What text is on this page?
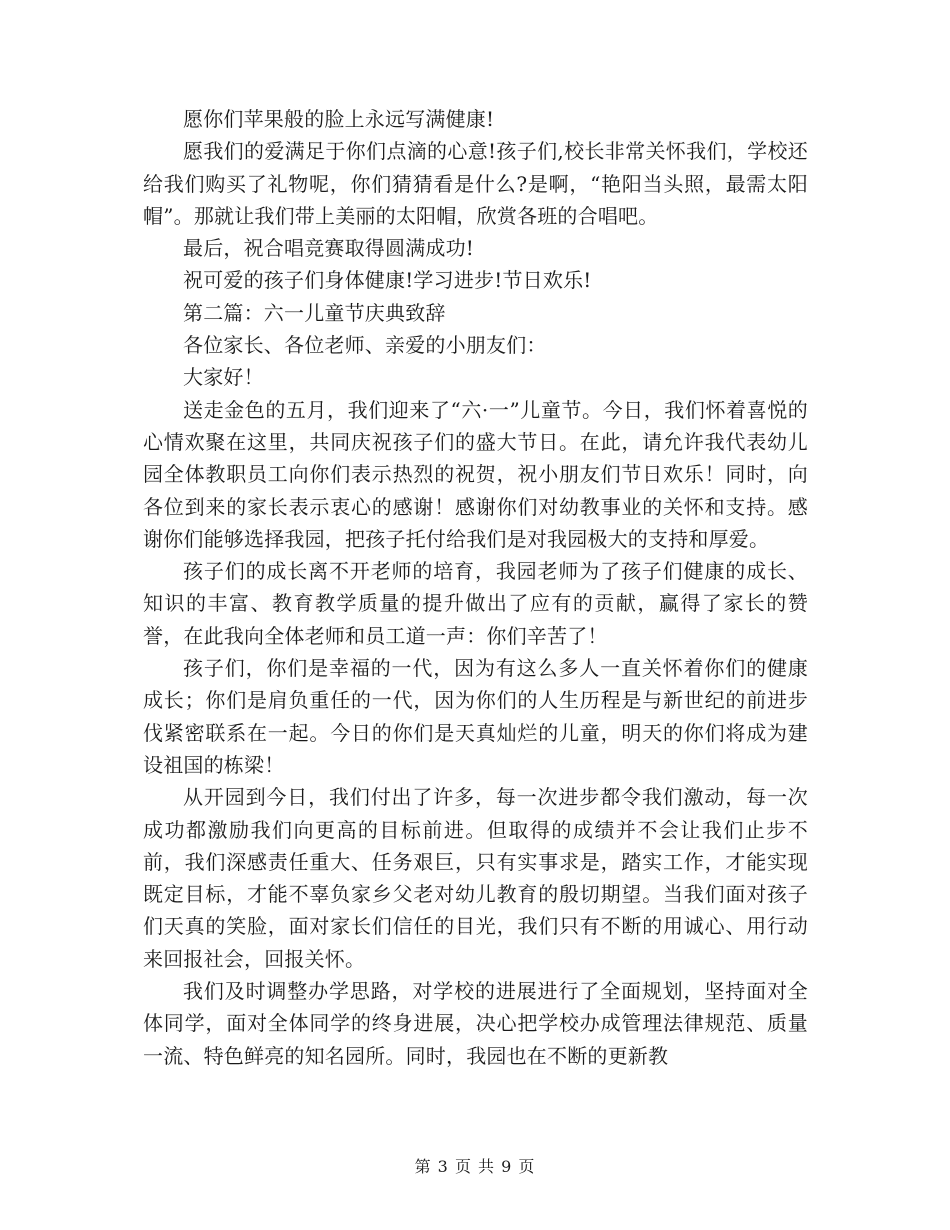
愿你们苹果般的脸上永远写满健康!

愿我们的爱满足于你们点滴的心意!孩子们,校长非常关怀我们，学校还给我们购买了礼物呢，你们猜猜看是什么?是啊，“艳阳当头照，最需太阳帽”。那就让我们带上美丽的太阳帽，欣赏各班的合唱吧。

最后，祝合唱竞赛取得圆满成功!

祝可爱的孩子们身体健康!学习进步!节日欢乐!

第二篇：六一儿童节庆典致辞

各位家长、各位老师、亲爱的小朋友们：

大家好！

送走金色的五月，我们迎来了“六·一”儿童节。今日，我们怀着喜悦的心情欢聚在这里，共同庆祝孩子们的盛大节日。在此，请允许我代表幼儿园全体教职员工向你们表示热烈的祝贺，祝小朋友们节日欢乐！同时，向各位到来的家长表示衷心的感谢！感谢你们对幼教事业的关怀和支持。感谢你们能够选择我园，把孩子托付给我们是对我园极大的支持和厚爱。

孩子们的成长离不开老师的培育，我园老师为了孩子们健康的成长、知识的丰富、教育教学质量的提升做出了应有的贡献，赢得了家长的赞誉，在此我向全体老师和员工道一声：你们辛苦了！

孩子们，你们是幸福的一代，因为有这么多人一直关怀着你们的健康成长；你们是肩负重任的一代，因为你们的人生历程是与新世纪的前进步伐紧密联系在一起。今日的你们是天真灿烂的儿童，明天的你们将成为建设祖国的栋梁！

从开园到今日，我们付出了许多，每一次进步都令我们激动，每一次成功都激励我们向更高的目标前进。但取得的成绩并不会让我们止步不前，我们深感责任重大、任务艰巨，只有实事求是，踏实工作，才能实现既定目标，才能不辜负家乡父老对幼儿教育的殷切期望。当我们面对孩子们天真的笑脸，面对家长们信任的目光，我们只有不断的用诚心、用行动来回报社会，回报关怀。

我们及时调整办学思路，对学校的进展进行了全面规划，坚持面对全体同学，面对全体同学的终身进展，决心把学校办成管理法律规范、质量一流、特色鲜亮的知名园所。同时，我园也在不断的更新教

第 3 页 共 9 页
